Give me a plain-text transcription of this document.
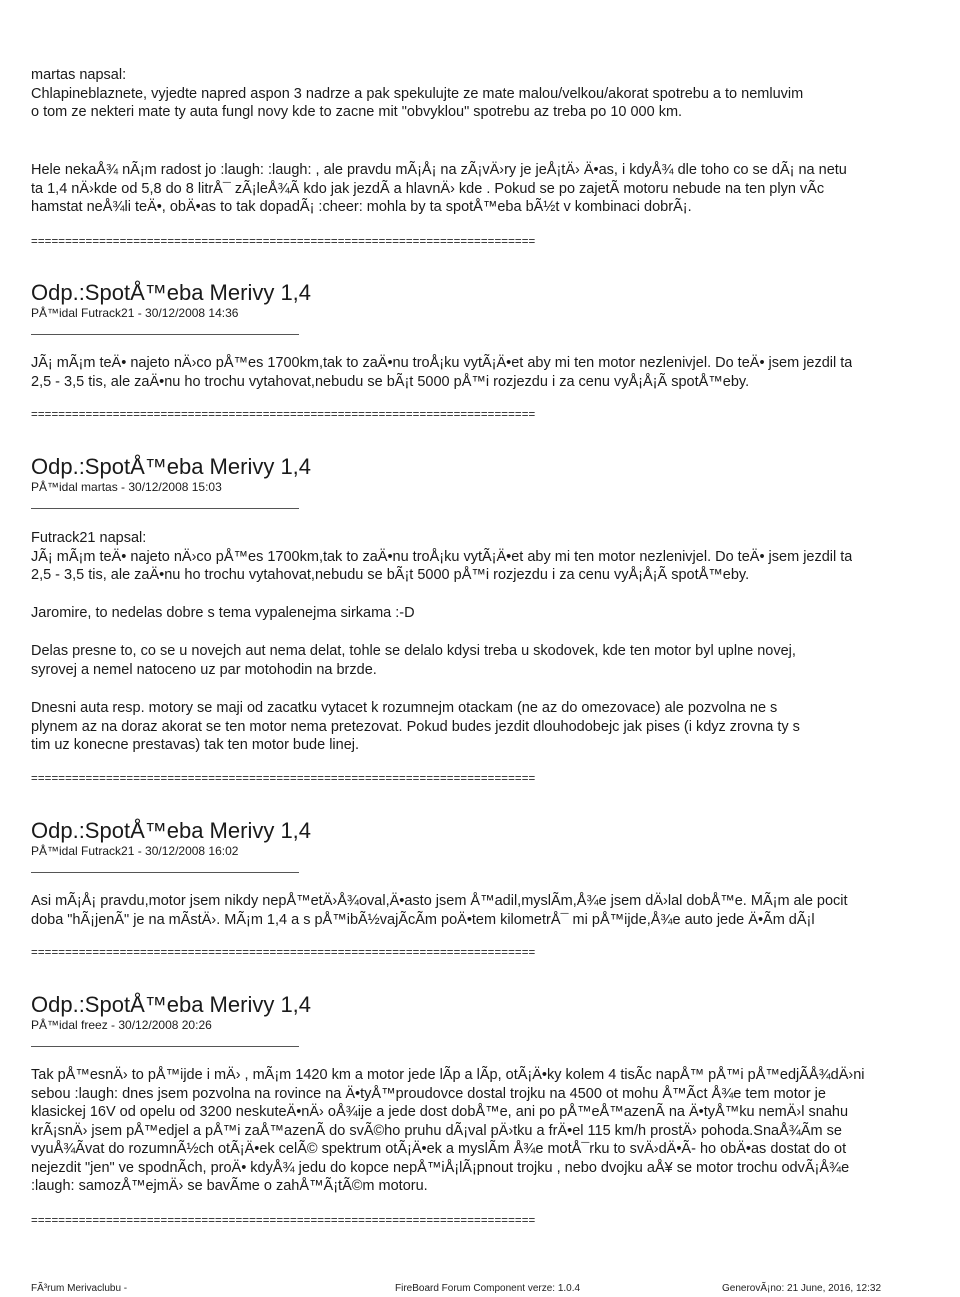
martas napsal:
Chlapineblaznete, vyjedte napred aspon 3 nadrze a pak spekulujte ze mate malou/velkou/akorat spotrebu a to nemluvim
o tom ze nekteri mate ty auta fungl novy kde to zacne mit "obvyklou" spotrebu az treba po 10 000 km.
Hele nekaÅ¾ nÃ¡m radost jo :laugh: :laugh: , ale pravdu mÃ¡Å¡ na zÃ¡vÄ›ry je jeÅ¡tÄ› Ä•as, i kdyÅ¾ dle toho co se dÃ¡ na netu
ta 1,4 nÄ›kde od 5,8 do 8 litrÅ¯ zÃ¡leÅ¾Ã kdo jak jezdÃ a hlavnÄ› kde . Pokud se po zajetÃ motoru nebude na ten plyn vÃc
hamstat neÅ¾li teÄ•, obÄ•as to tak dopadÃ¡ :cheer: mohla by ta spotÅ™eba bÃ½t v kombinaci dobrÃ¡.
==========================================================================
Odp.:SpotÅ™eba Merivy 1,4
PÅ™idal Futrack21 - 30/12/2008 14:36
JÃ¡ mÃ¡m teÄ• najeto nÄ›co pÅ™es 1700km,tak to zaÄ•nu troÅ¡ku vytÃ¡Ä•et aby mi ten motor nezlenivjel. Do teÄ• jsem jezdil ta
2,5 - 3,5 tis, ale zaÄ•nu ho trochu vytahovat,nebudu se bÃ¡t 5000 pÅ™i rozjezdu i za cenu vyÅ¡Å¡Ã spotÅ™eby.
==========================================================================
Odp.:SpotÅ™eba Merivy 1,4
PÅ™idal martas - 30/12/2008 15:03
Futrack21 napsal:
JÃ¡ mÃ¡m teÄ• najeto nÄ›co pÅ™es 1700km,tak to zaÄ•nu troÅ¡ku vytÃ¡Ä•et aby mi ten motor nezlenivjel. Do teÄ• jsem jezdil ta
2,5 - 3,5 tis, ale zaÄ•nu ho trochu vytahovat,nebudu se bÃ¡t 5000 pÅ™i rozjezdu i za cenu vyÅ¡Å¡Ã spotÅ™eby.
Jaromire, to nedelas dobre s tema vypalenejma sirkama :-D
Delas presne to, co se u novejch aut nema delat, tohle se delalo kdysi treba u skodovek, kde ten motor byl uplne novej,
syrovej a nemel natoceno uz par motohodin na brzde.
Dnesni auta resp. motory se maji od zacatku vytacet k rozumnejm otackam (ne az do omezovace) ale pozvolna ne s
plynem az na doraz akorat se ten motor nema pretezovat. Pokud budes jezdit dlouhodobejc jak pises (i kdyz zrovna ty s
tim uz konecne prestavas) tak ten motor bude linej.
==========================================================================
Odp.:SpotÅ™eba Merivy 1,4
PÅ™idal Futrack21 - 30/12/2008 16:02
Asi mÃ¡Å¡ pravdu,motor jsem nikdy nepÅ™etÄ›Å¾oval,Ä•asto jsem Å™adil,myslÃm,Å¾e jsem dÄ›lal dobÅ™e. MÃ¡m ale pocit
doba "hÃ¡jenÃ" je na mÃstÄ›. MÃ¡m 1,4 a s pÅ™ibÃ½vajÃcÃm poÄ•tem kilometrÅ¯ mi pÅ™ijde,Å¾e auto jede Ä•Ãm dÃ¡l
==========================================================================
Odp.:SpotÅ™eba Merivy 1,4
PÅ™idal freez - 30/12/2008 20:26
Tak pÅ™esnÄ› to pÅ™ijde i mÄ› , mÃ¡m 1420 km a motor jede lÃp a lÃp, otÃ¡Ä•ky kolem 4 tisÃc napÅ™ pÅ™i pÅ™edjÃÅ¾dÄ›ni
sebou :laugh: dnes jsem pozvolna na rovince na Ä•tyÅ™proudovce dostal trojku na 4500 ot mohu Å™Ãct Å¾e tem motor je
klasickej 16V od opelu od 3200 neskuteÄ•nÄ› oÅ¾ije a jede dost dobÅ™e, ani po pÅ™eÅ™azenÃ na Ä•tyÅ™ku nemÄ›l snahu
krÃ¡snÄ› jsem pÅ™edjel a pÅ™i zaÅ™azenÃ do svÃ©ho pruhu dÃ¡val pÄ›tku a frÄ•el 115 km/h prostÄ› pohoda.SnaÅ¾Ãm se
vyuÅ¾Ãvat do rozumnÃ½ch otÃ¡Ä•ek celÃ© spektrum otÃ¡Ä•ek a myslÃm Å¾e motÅ¯rku to svÄ›dÄ•Ã- ho obÄ•as dostat do ot
nejezdit "jen" ve spodnÃch, proÄ• kdyÅ¾ jedu do kopce nepÅ™iÅ¡lÃ¡pnout trojku , nebo dvojku aÅ¥ se motor trochu odvÃ¡Å¾e
:laugh: samozÅ™ejmÄ› se bavÃme o zahÅ™Ã¡tÃ©m motoru.
==========================================================================
FÃ³rum Merivaclubu -	FireBoard Forum Component verze: 1.0.4	GenerovÃ¡no: 21 June, 2016, 12:32
